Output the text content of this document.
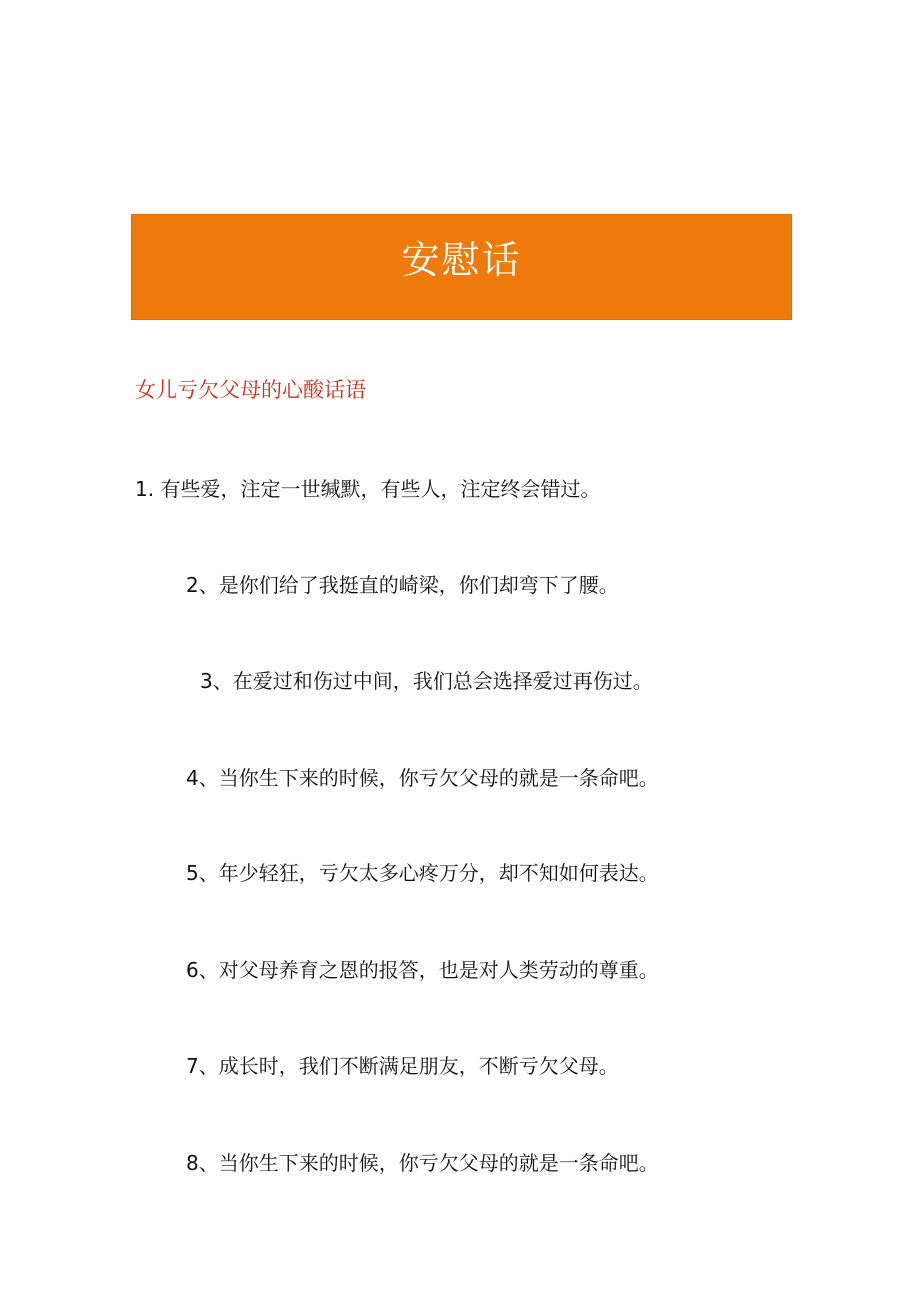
安慰话
女儿亏欠父母的心酸话语
1. 有些爱，注定一世缄默，有些人，注定终会错过。
2、是你们给了我挺直的崎梁，你们却弯下了腰。
3、在爱过和伤过中间，我们总会选择爱过再伤过。
4、当你生下来的时候，你亏欠父母的就是一条命吧。
5、年少轻狂，亏欠太多心疼万分，却不知如何表达。
6、对父母养育之恩的报答，也是对人类劳动的尊重。
7、成长时，我们不断满足朋友，不断亏欠父母。
8、当你生下来的时候，你亏欠父母的就是一条命吧。
